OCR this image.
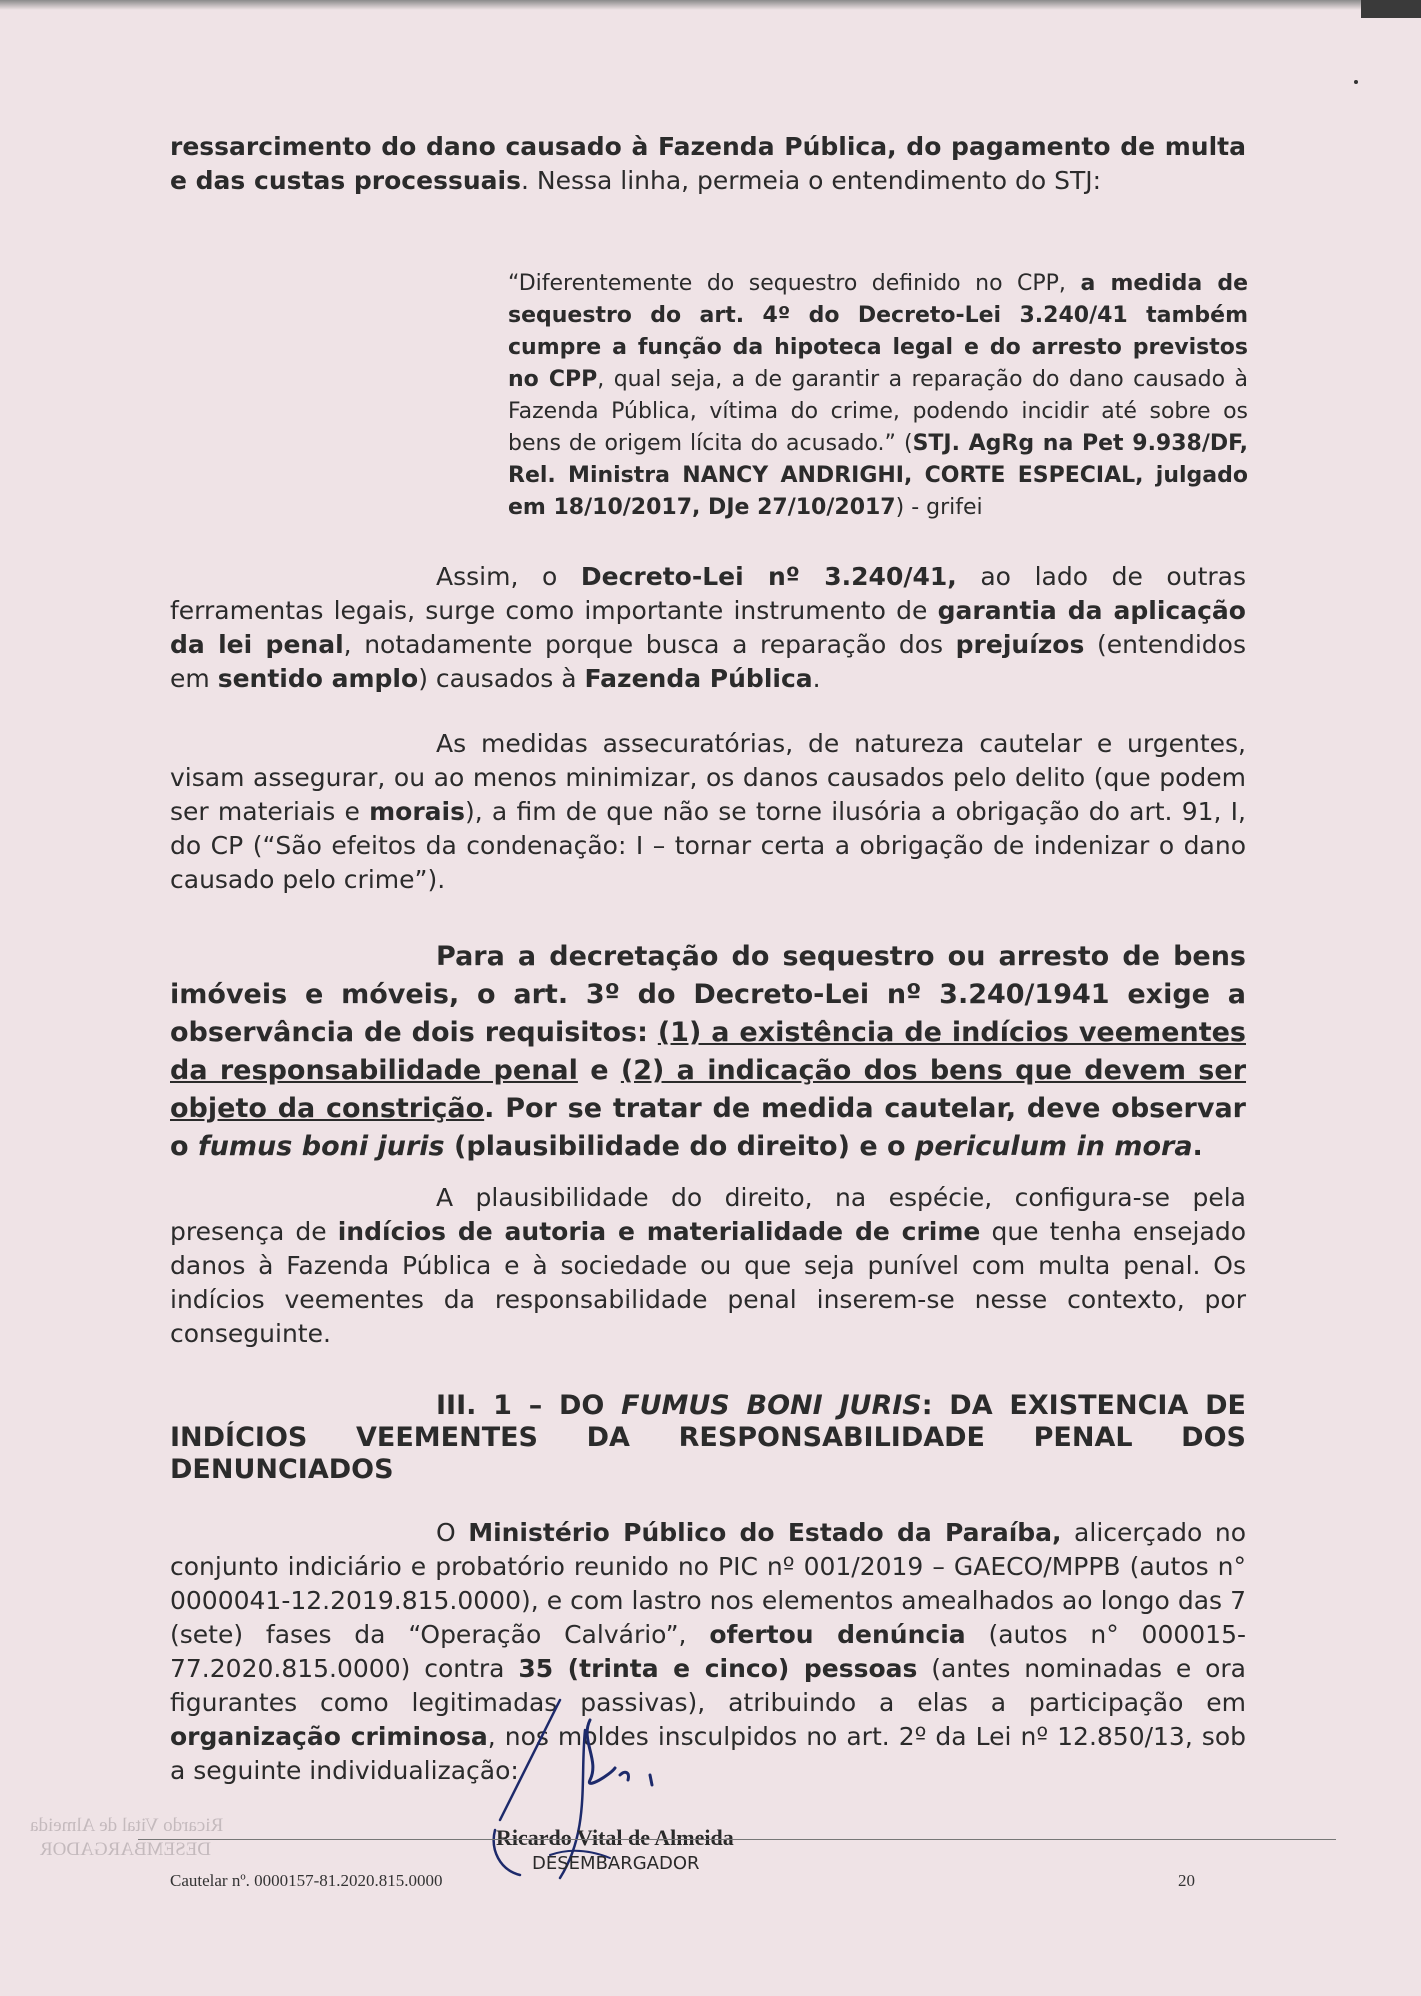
Ricardo Vital de Almeida
DESEMBARGADOR

ressarcimento do dano causado à Fazenda Pública, do pagamento de multa e das custas processuais. Nessa linha, permeia o entendimento do STJ:

“Diferentemente do sequestro definido no CPP, a medida de sequestro do art. 4º do Decreto-Lei 3.240/41 também cumpre a função da hipoteca legal e do arresto previstos no CPP, qual seja, a de garantir a reparação do dano causado à Fazenda Pública, vítima do crime, podendo incidir até sobre os bens de origem lícita do acusado.” (STJ. AgRg na Pet 9.938/DF, Rel. Ministra NANCY ANDRIGHI, CORTE ESPECIAL, julgado em 18/10/2017, DJe 27/10/2017) - grifei

Assim, o Decreto-Lei nº 3.240/41, ao lado de outras ferramentas legais, surge como importante instrumento de garantia da aplicação da lei penal, notadamente porque busca a reparação dos prejuízos (entendidos em sentido amplo) causados à Fazenda Pública.

As medidas assecuratórias, de natureza cautelar e urgentes, visam assegurar, ou ao menos minimizar, os danos causados pelo delito (que podem ser materiais e morais), a fim de que não se torne ilusória a obrigação do art. 91, I, do CP (“São efeitos da condenação: I – tornar certa a obrigação de indenizar o dano causado pelo crime”).

Para a decretação do sequestro ou arresto de bens imóveis e móveis, o art. 3º do Decreto-Lei nº 3.240/1941 exige a observância de dois requisitos: (1) a existência de indícios veementes da responsabilidade penal e (2) a indicação dos bens que devem ser objeto da constrição. Por se tratar de medida cautelar, deve observar o fumus boni juris (plausibilidade do direito) e o periculum in mora.

A plausibilidade do direito, na espécie, configura-se pela presença de indícios de autoria e materialidade de crime que tenha ensejado danos à Fazenda Pública e à sociedade ou que seja punível com multa penal. Os indícios veementes da responsabilidade penal inserem-se nesse contexto, por conseguinte.

III. 1 – DO FUMUS BONI JURIS: DA EXISTENCIA DE INDÍCIOS VEEMENTES DA RESPONSABILIDADE PENAL DOS DENUNCIADOS

O Ministério Público do Estado da Paraíba, alicerçado no conjunto indiciário e probatório reunido no PIC nº 001/2019 – GAECO/MPPB (autos n° 0000041-12.2019.815.0000), e com lastro nos elementos amealhados ao longo das 7 (sete) fases da “Operação Calvário”, ofertou denúncia (autos n° 000015-77.2020.815.0000) contra 35 (trinta e cinco) pessoas (antes nominadas e ora figurantes como legitimadas passivas), atribuindo a elas a participação em organização criminosa, nos moldes insculpidos no art. 2º da Lei nº 12.850/13, sob a seguinte individualização:

Ricardo Vital de Almeida
DESEMBARGADOR
Cautelar nº. 0000157-81.2020.815.0000	20
